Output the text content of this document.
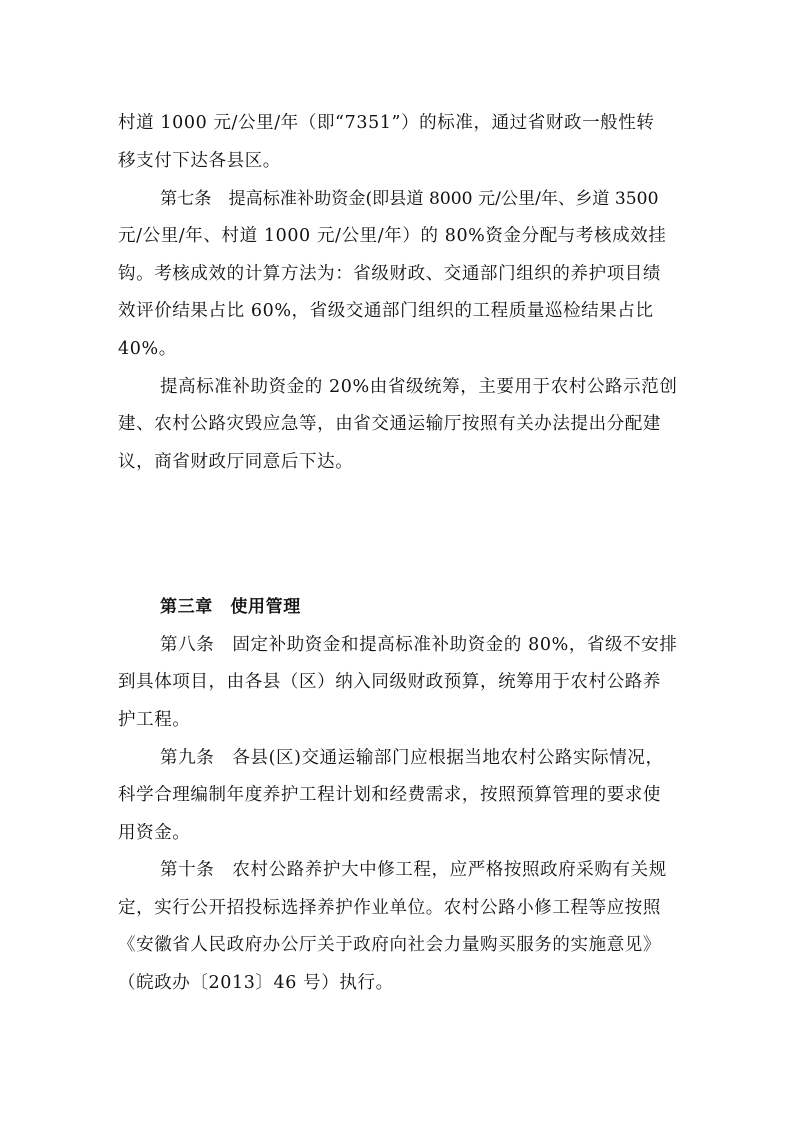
村道 1000 元/公里/年（即“7351”）的标准，通过省财政一般性转
移支付下达各县区。
第七条　提高标准补助资金(即县道 8000 元/公里/年、乡道 3500
元/公里/年、村道 1000 元/公里/年）的 80%资金分配与考核成效挂
钩。考核成效的计算方法为：省级财政、交通部门组织的养护项目绩
效评价结果占比 60%，省级交通部门组织的工程质量巡检结果占比
40%。
提高标准补助资金的 20%由省级统筹，主要用于农村公路示范创
建、农村公路灾毁应急等，由省交通运输厅按照有关办法提出分配建
议，商省财政厅同意后下达。
第三章　使用管理
第八条　固定补助资金和提高标准补助资金的 80%，省级不安排
到具体项目，由各县（区）纳入同级财政预算，统筹用于农村公路养
护工程。
第九条　各县(区)交通运输部门应根据当地农村公路实际情况，
科学合理编制年度养护工程计划和经费需求，按照预算管理的要求使
用资金。
第十条　农村公路养护大中修工程，应严格按照政府采购有关规
定，实行公开招投标选择养护作业单位。农村公路小修工程等应按照
《安徽省人民政府办公厅关于政府向社会力量购买服务的实施意见》
（皖政办〔2013〕46 号）执行。
